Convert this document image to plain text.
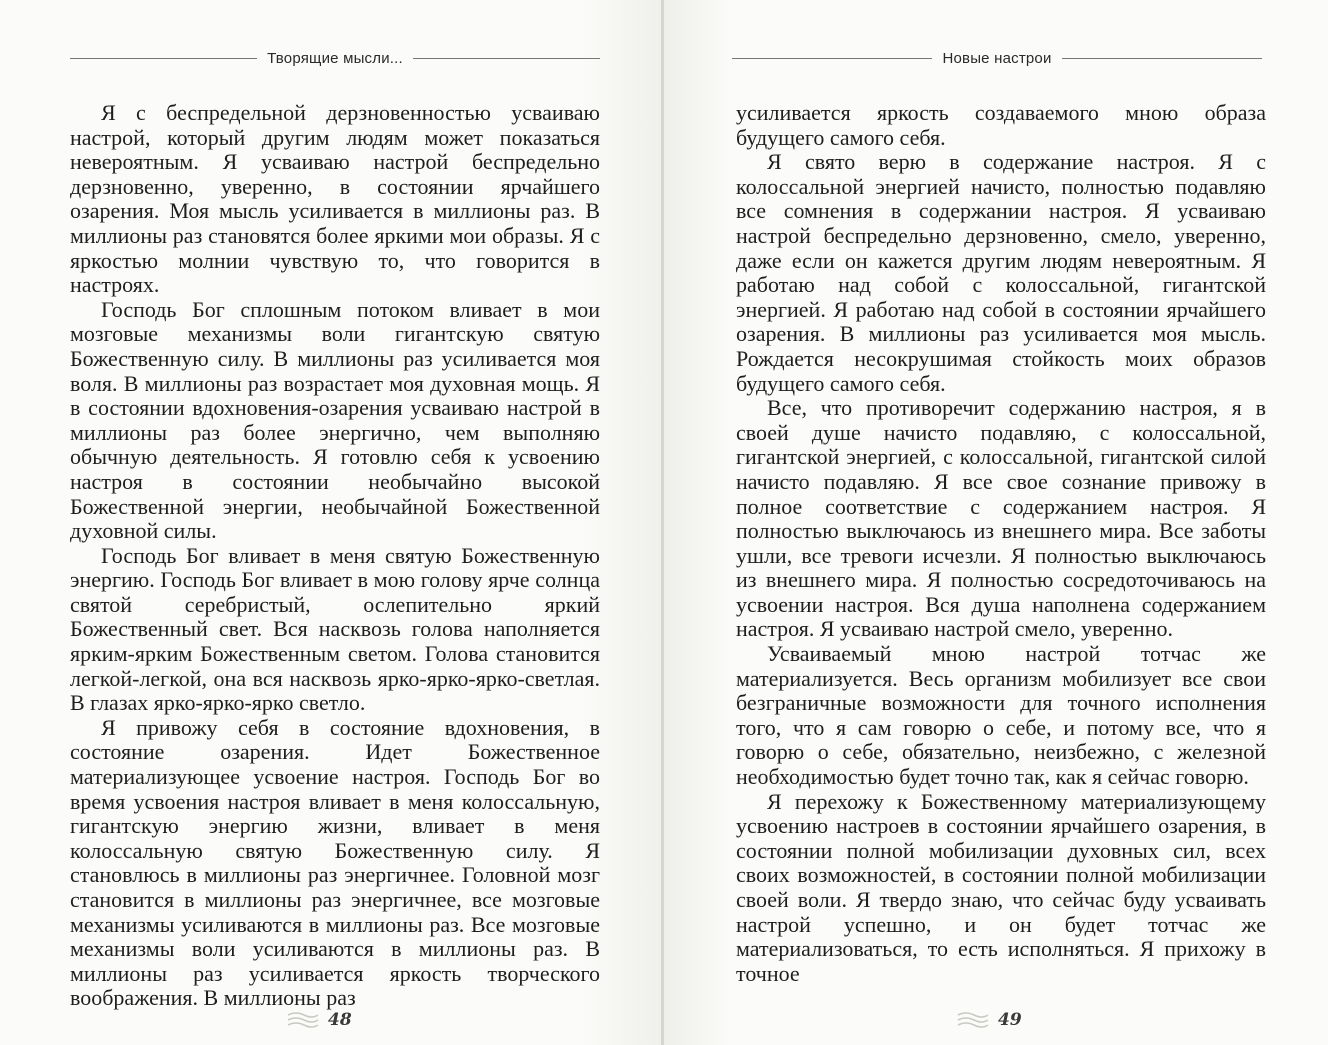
Творящие мысли...

Я с беспредельной дерзновенностью усваиваю настрой, который другим людям может показаться невероятным. Я усваиваю настрой беспредельно дерзновенно, уверенно, в состоянии ярчайшего озарения. Моя мысль усиливается в миллионы раз. В миллионы раз становятся более яркими мои образы. Я с яркостью молнии чувствую то, что говорится в настроях.

Господь Бог сплошным потоком вливает в мои мозговые механизмы воли гигантскую святую Божественную силу. В миллионы раз усиливается моя воля. В миллионы раз возрастает моя духовная мощь. Я в состоянии вдохновения-озарения усваиваю настрой в миллионы раз более энергично, чем выполняю обычную деятельность. Я готовлю себя к усвоению настроя в состоянии необычайно высокой Божественной энергии, необычайной Божественной духовной силы.

Господь Бог вливает в меня святую Божественную энергию. Господь Бог вливает в мою голову ярче солнца святой серебристый, ослепительно яркий Божественный свет. Вся насквозь голова наполняется ярким-ярким Божественным светом. Голова становится легкой-легкой, она вся насквозь ярко-ярко-ярко-светлая. В глазах ярко-ярко-ярко светло.

Я привожу себя в состояние вдохновения, в состояние озарения. Идет Божественное материализующее усвоение настроя. Господь Бог во время усвоения настроя вливает в меня колоссальную, гигантскую энергию жизни, вливает в меня колоссальную святую Божественную силу. Я становлюсь в миллионы раз энергичнее. Головной мозг становится в миллионы раз энергичнее, все мозговые механизмы усиливаются в миллионы раз. Все мозговые механизмы воли усиливаются в миллионы раз. В миллионы раз усиливается яркость творческого воображения. В миллионы раз

48
Новые настрои

усиливается яркость создаваемого мною образа будущего самого себя.

Я свято верю в содержание настроя. Я с колоссальной энергией начисто, полностью подавляю все сомнения в содержании настроя. Я усваиваю настрой беспредельно дерзновенно, смело, уверенно, даже если он кажется другим людям невероятным. Я работаю над собой с колоссальной, гигантской энергией. Я работаю над собой в состоянии ярчайшего озарения. В миллионы раз усиливается моя мысль. Рождается несокрушимая стойкость моих образов будущего самого себя.

Все, что противоречит содержанию настроя, я в своей душе начисто подавляю, с колоссальной, гигантской энергией, с колоссальной, гигантской силой начисто подавляю. Я все свое сознание привожу в полное соответствие с содержанием настроя. Я полностью выключаюсь из внешнего мира. Все заботы ушли, все тревоги исчезли. Я полностью выключаюсь из внешнего мира. Я полностью сосредоточиваюсь на усвоении настроя. Вся душа наполнена содержанием настроя. Я усваиваю настрой смело, уверенно.

Усваиваемый мною настрой тотчас же материализуется. Весь организм мобилизует все свои безграничные возможности для точного исполнения того, что я сам говорю о себе, и потому все, что я говорю о себе, обязательно, неизбежно, с железной необходимостью будет точно так, как я сейчас говорю.

Я перехожу к Божественному материализующему усвоению настроев в состоянии ярчайшего озарения, в состоянии полной мобилизации духовных сил, всех своих возможностей, в состоянии полной мобилизации своей воли. Я твердо знаю, что сейчас буду усваивать настрой успешно, и он будет тотчас же материализоваться, то есть исполняться. Я прихожу в точное

49
